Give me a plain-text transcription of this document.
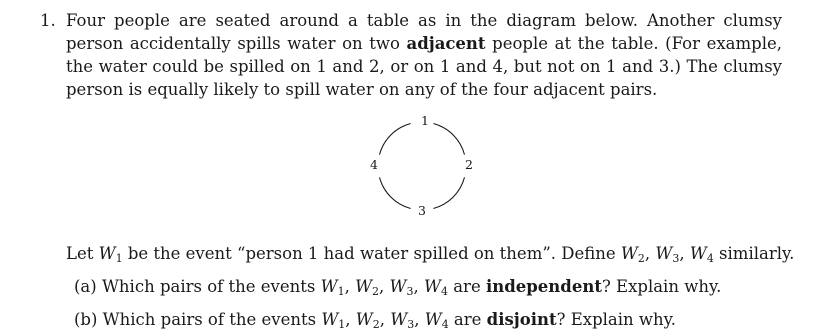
1. Four people are seated around a table as in the diagram below. Another clumsy person accidentally spills water on two adjacent people at the table. (For example, the water could be spilled on 1 and 2, or on 1 and 4, but not on 1 and 3.) The clumsy person is equally likely to spill water on any of the four adjacent pairs.
1
2
3
4
Let $W_1$ be the event “person 1 had water spilled on them”. Define $W_2$, $W_3$, $W_4$ similarly.
(a) Which pairs of the events $W_1$, $W_2$, $W_3$, $W_4$ are independent? Explain why.
(b) Which pairs of the events $W_1$, $W_2$, $W_3$, $W_4$ are disjoint? Explain why.
